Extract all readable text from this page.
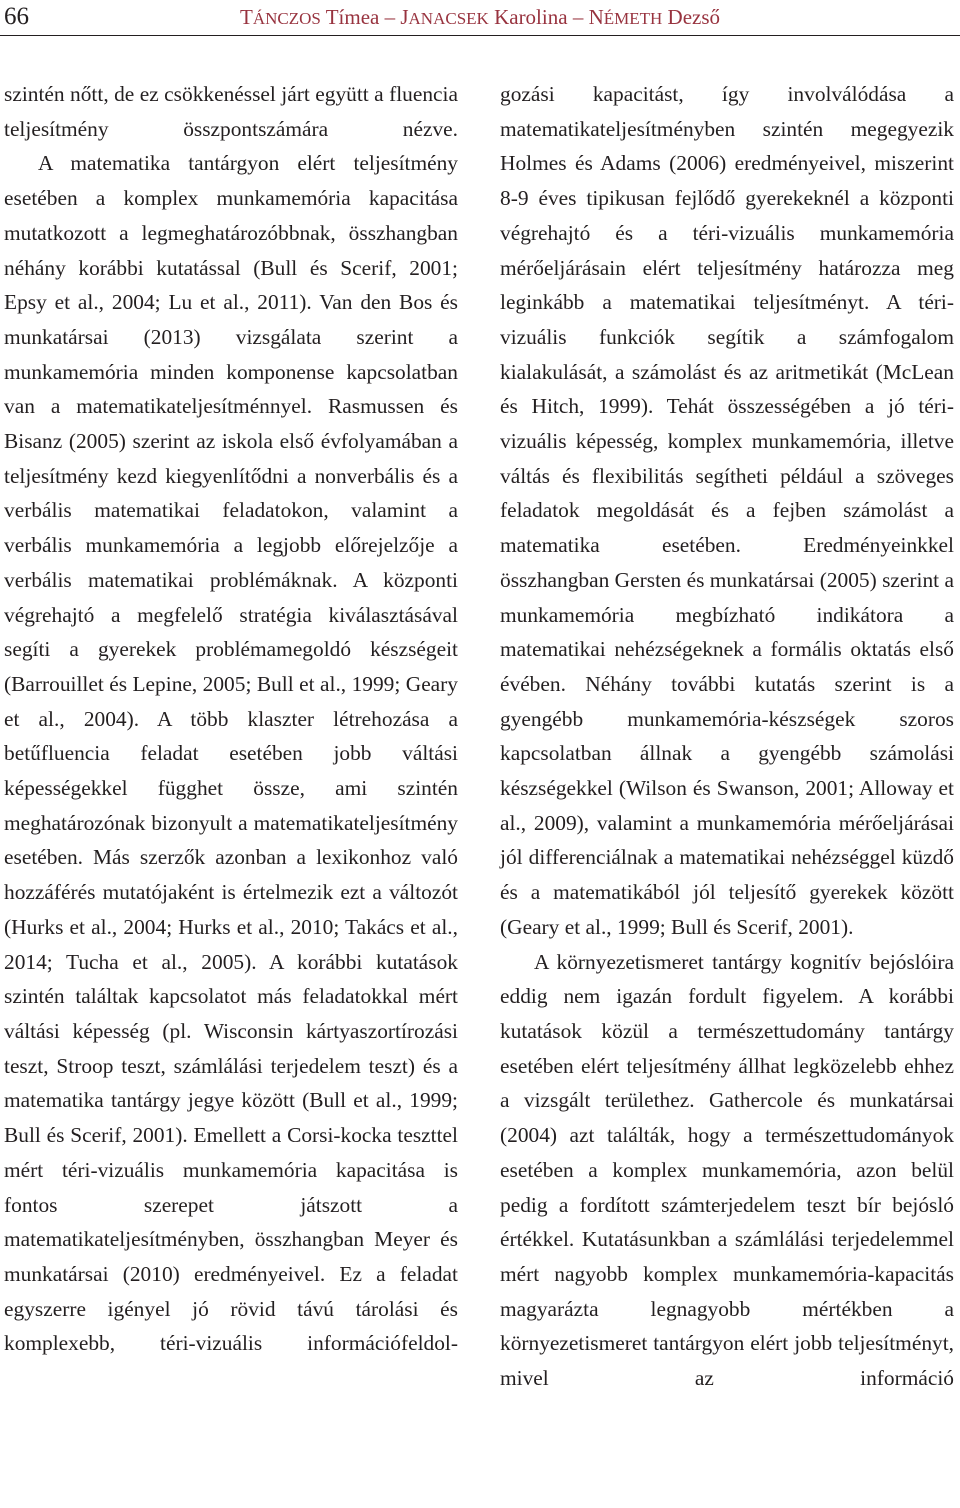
66	TÁNCZOS Tímea – JANACSEK Karolina – NÉMETH Dezső

szintén nőtt, de ez csökkenéssel járt együtt a fluencia teljesítmény összpontszámára nézve.

A matematika tantárgyon elért teljesítmény esetében a komplex munkamemória kapacitása mutatkozott a legmeghatározóbbnak, összhangban néhány korábbi kutatással (Bull és Scerif, 2001; Epsy et al., 2004; Lu et al., 2011). Van den Bos és munkatársai (2013) vizsgálata szerint a munkamemória minden komponense kapcsolatban van a matematikateljesítménnyel. Rasmussen és Bisanz (2005) szerint az iskola első évfolyamában a teljesítmény kezd kiegyenlítődni a nonverbális és a verbális matematikai feladatokon, valamint a verbális munkamemória a legjobb előrejelzője a verbális matematikai problémáknak. A központi végrehajtó a megfelelő stratégia kiválasztásával segíti a gyerekek problémamegoldó készségeit (Barrouillet és Lepine, 2005; Bull et al., 1999; Geary et al., 2004). A több klaszter létrehozása a betűfluencia feladat esetében jobb váltási képességekkel függhet össze, ami szintén meghatározónak bizonyult a matematikateljesítmény esetében. Más szerzők azonban a lexikonhoz való hozzáférés mutatójaként is értelmezik ezt a változót (Hurks et al., 2004; Hurks et al., 2010; Takács et al., 2014; Tucha et al., 2005). A korábbi kutatások szintén találtak kapcsolatot más feladatokkal mért váltási képesség (pl. Wisconsin kártyaszortírozási teszt, Stroop teszt, számlálási terjedelem teszt) és a matematika tantárgy jegye között (Bull et al., 1999; Bull és Scerif, 2001). Emellett a Corsi-kocka teszttel mért téri-vizuális munkamemória kapacitása is fontos szerepet játszott a matematikateljesítményben, összhangban Meyer és munkatársai (2010) eredményeivel. Ez a feladat egyszerre igényel jó rövid távú tárolási és komplexebb, téri-vizuális információfeldol-

gozási kapacitást, így involválódása a matematikateljesítményben szintén megegyezik Holmes és Adams (2006) eredményeivel, miszerint 8-9 éves tipikusan fejlődő gyerekeknél a központi végrehajtó és a téri-vizuális munkamemória mérőeljárásain elért teljesítmény határozza meg leginkább a matematikai teljesítményt. A téri-vizuális funkciók segítik a számfogalom kialakulását, a számolást és az aritmetikát (McLean és Hitch, 1999). Tehát összességében a jó téri-vizuális képesség, komplex munkamemória, illetve váltás és flexibilitás segítheti például a szöveges feladatok megoldását és a fejben számolást a matematika esetében. Eredményeinkkel összhangban Gersten és munkatársai (2005) szerint a munkamemória megbízható indikátora a matematikai nehézségeknek a formális oktatás első évében. Néhány további kutatás szerint is a gyengébb munkamemória-készségek szoros kapcsolatban állnak a gyengébb számolási készségekkel (Wilson és Swanson, 2001; Alloway et al., 2009), valamint a munkamemória mérőeljárásai jól differenciálnak a matematikai nehézséggel küzdő és a matematikából jól teljesítő gyerekek között (Geary et al., 1999; Bull és Scerif, 2001).

A környezetismeret tantárgy kognitív bejóslóira eddig nem igazán fordult figyelem. A korábbi kutatások közül a természettudomány tantárgy esetében elért teljesítmény állhat legközelebb ehhez a vizsgált területhez. Gathercole és munkatársai (2004) azt találták, hogy a természettudományok esetében a komplex munkamemória, azon belül pedig a fordított számterjedelem teszt bír bejósló értékkel. Kutatásunkban a számlálási terjedelemmel mért nagyobb komplex munkamemória-kapacitás magyarázta legnagyobb mértékben a környezetismeret tantárgyon elért jobb teljesítményt, mivel az információ
